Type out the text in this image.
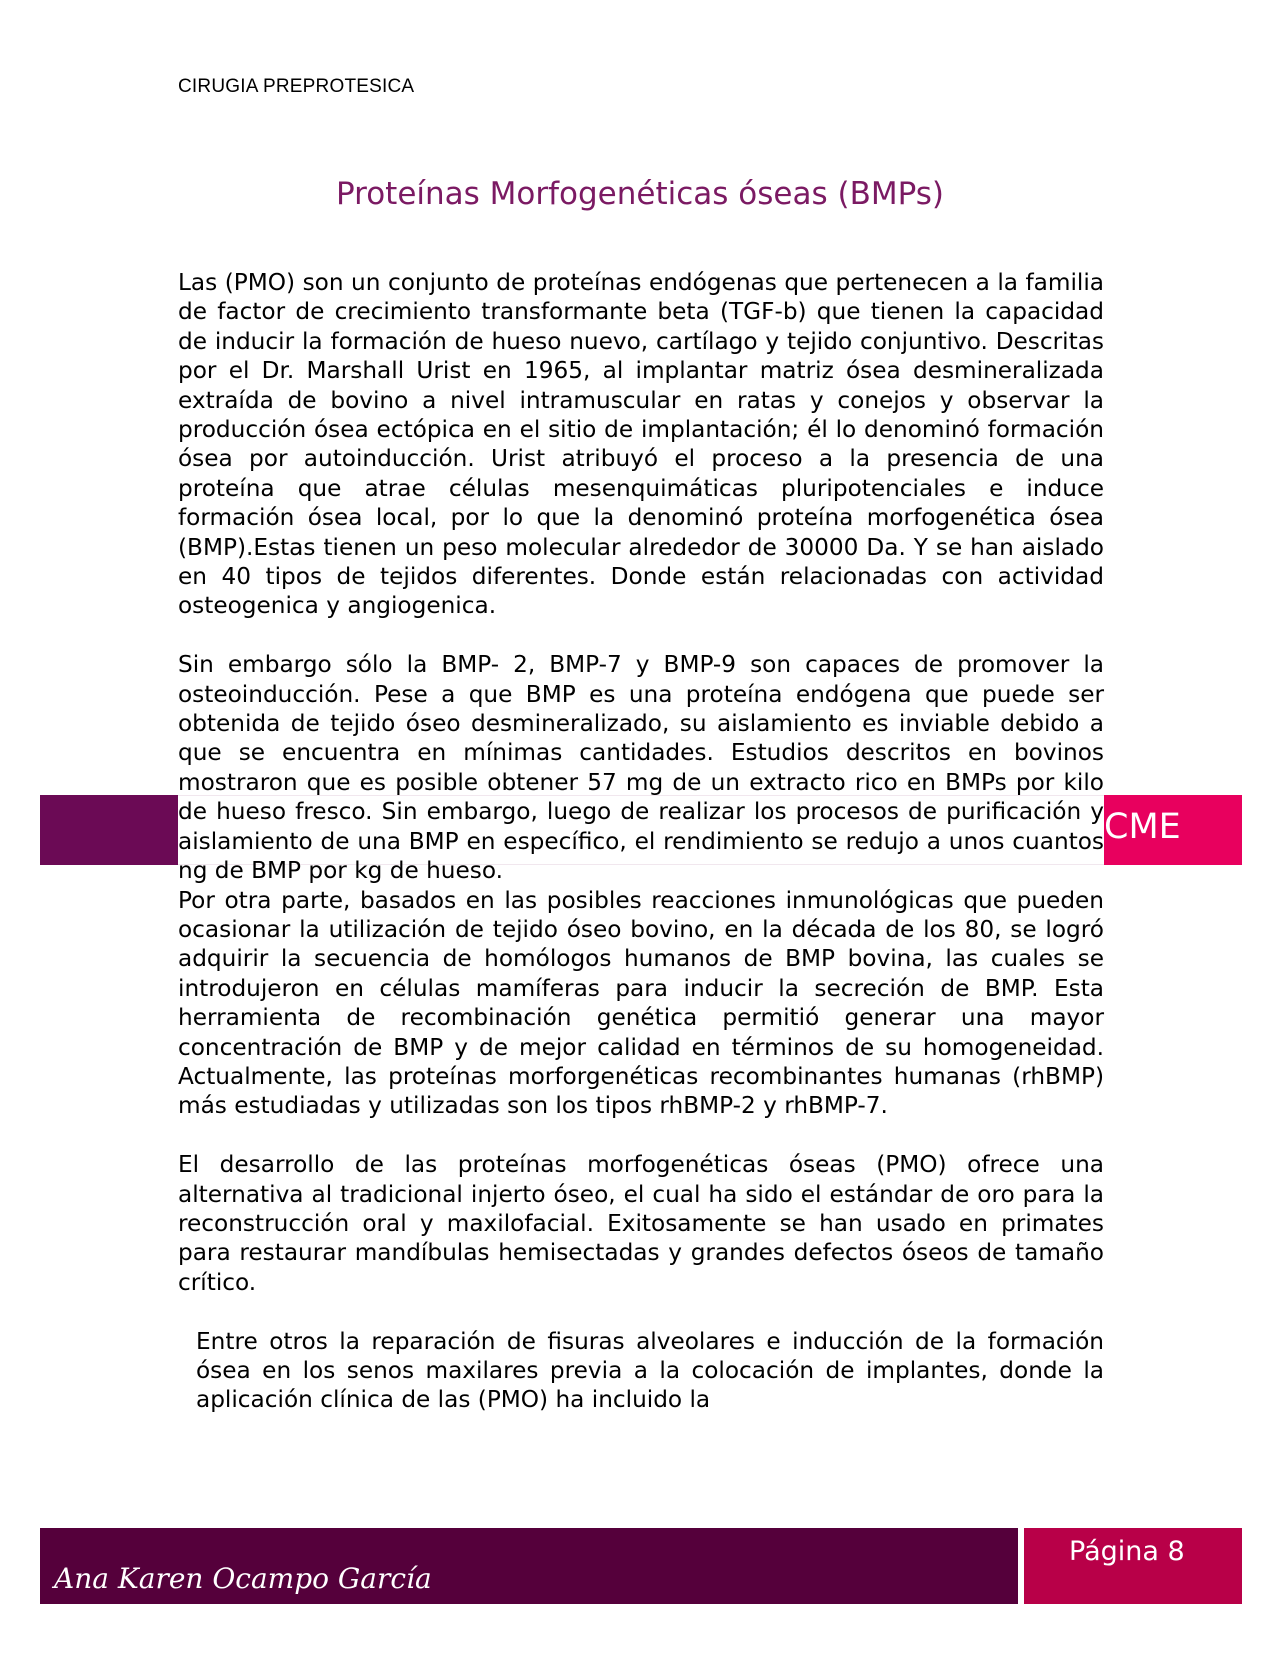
CIRUGIA PREPROTESICA
Proteínas Morfogenéticas óseas (BMPs)
CME

Las (PMO) son un conjunto de proteínas endógenas que pertenecen a la familia de factor de crecimiento transformante beta (TGF-b) que tienen la capacidad de inducir la formación de hueso nuevo, cartílago y tejido conjuntivo. Descritas por el Dr. Marshall Urist en 1965, al implantar matriz ósea desmineralizada extraída de bovino a nivel intramuscular en ratas y conejos y observar la producción ósea ectópica en el sitio de implantación; él lo denominó formación ósea por autoinducción. Urist atribuyó el proceso a la presencia de una proteína que atrae células mesenquimáticas pluripotenciales e induce formación ósea local, por lo que la denominó proteína morfogenética ósea (BMP).Estas tienen un peso molecular alrededor de 30000 Da. Y se han aislado en 40 tipos de tejidos diferentes. Donde están relacionadas con actividad osteogenica y angiogenica.

Sin embargo sólo la BMP- 2, BMP-7 y BMP-9 son capaces de promover la osteoinducción. Pese a que BMP es una proteína endógena que puede ser obtenida de tejido óseo desmineralizado, su aislamiento es inviable debido a que se encuentra en mínimas cantidades. Estudios descritos en bovinos mostraron que es posible obtener 57 mg de un extracto rico en BMPs por kilo de hueso fresco. Sin embargo, luego de realizar los procesos de purificación y aislamiento de una BMP en específico, el rendimiento se redujo a unos cuantos ng de BMP por kg de hueso.

Por otra parte, basados en las posibles reacciones inmunológicas que pueden ocasionar la utilización de tejido óseo bovino, en la década de los 80, se logró adquirir la secuencia de homólogos humanos de BMP bovina, las cuales se introdujeron en células mamíferas para inducir la secreción de BMP. Esta herramienta de recombinación genética permitió generar una mayor concentración de BMP y de mejor calidad en términos de su homogeneidad. Actualmente, las proteínas morforgenéticas recombinantes humanas (rhBMP) más estudiadas y utilizadas son los tipos rhBMP-2 y rhBMP-7.

El desarrollo de las proteínas morfogenéticas óseas (PMO) ofrece una alternativa al tradicional injerto óseo, el cual ha sido el estándar de oro para la reconstrucción oral y maxilofacial. Exitosamente se han usado en primates para restaurar mandíbulas hemisectadas y grandes defectos óseos de tamaño crítico.

Entre otros la reparación de fisuras alveolares e inducción de la formación ósea en los senos maxilares previa a la colocación de implantes, donde la aplicación clínica de las (PMO) ha incluido la

Ana Karen Ocampo García
Página 8
